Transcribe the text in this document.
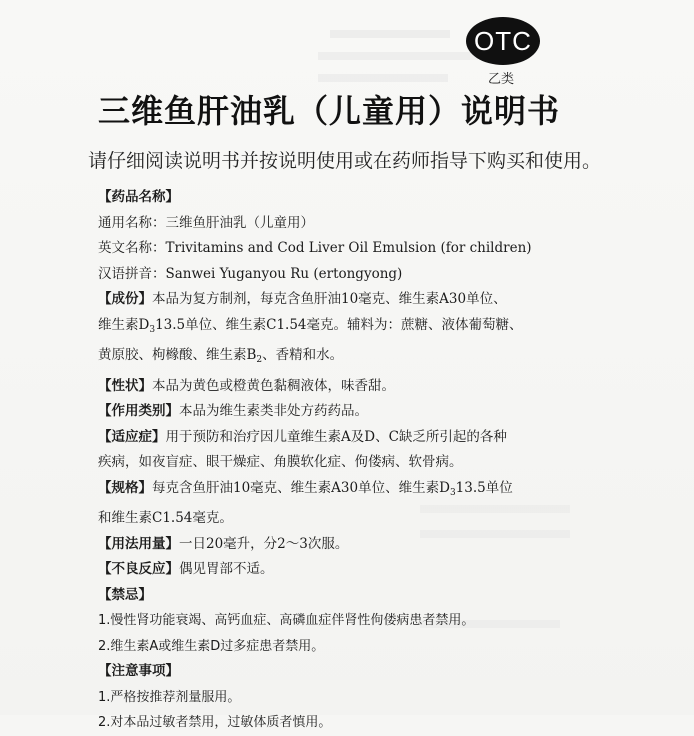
OTC
乙类
三维鱼肝油乳（儿童用）说明书
请仔细阅读说明书并按说明使用或在药师指导下购买和使用。
【药品名称】
通用名称：三维鱼肝油乳（儿童用）
英文名称：Trivitamins and Cod Liver Oil Emulsion (for children)
汉语拼音：Sanwei Yuganyou Ru (ertongyong)
【成份】本品为复方制剂，每克含鱼肝油10毫克、维生素A30单位、
维生素$D_313.5$单位、维生素C1.54毫克。辅料为：蔗糖、液体葡萄糖、
黄原胶、枸橼酸、维生素$B_2$、香精和水。
【性状】本品为黄色或橙黄色黏稠液体，味香甜。
【作用类别】本品为维生素类非处方药药品。
【适应症】用于预防和治疗因儿童维生素A及D、C缺乏所引起的各种
疾病，如夜盲症、眼干燥症、角膜软化症、佝偻病、软骨病。
【规格】每克含鱼肝油10毫克、维生素A30单位、维生素$D_313.5$单位
和维生素C1.54毫克。
【用法用量】一日20毫升，分2～3次服。
【不良反应】偶见胃部不适。
【禁忌】
1.慢性肾功能衰竭、高钙血症、高磷血症伴肾性佝偻病患者禁用。
2.维生素A或维生素D过多症患者禁用。
【注意事项】
1.严格按推荐剂量服用。
2.对本品过敏者禁用，过敏体质者慎用。
